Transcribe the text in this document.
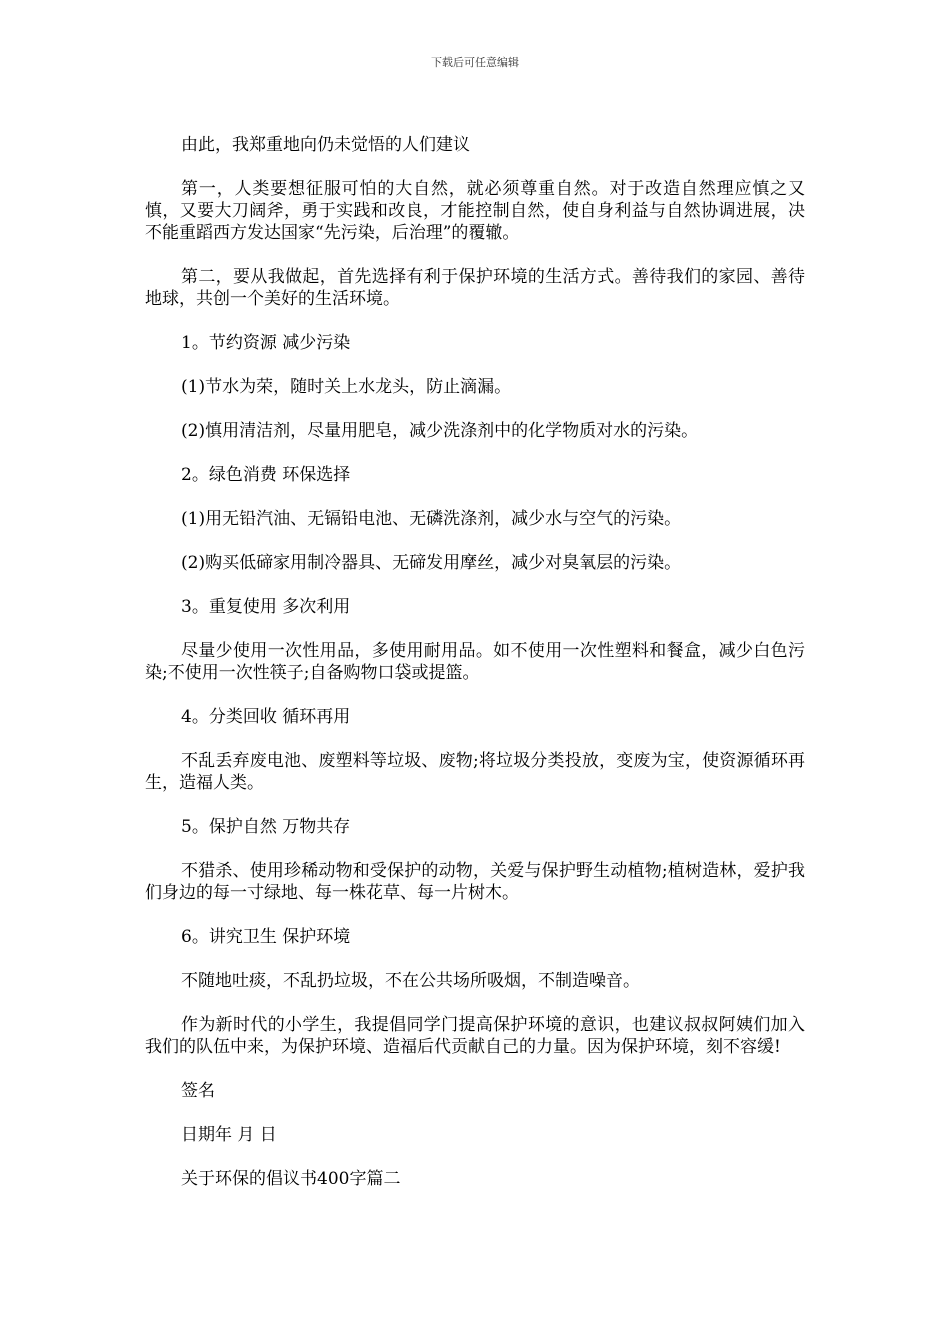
下载后可任意编辑

由此，我郑重地向仍未觉悟的人们建议

第一，人类要想征服可怕的大自然，就必须尊重自然。对于改造自然理应慎之又慎，又要大刀阔斧，勇于实践和改良，才能控制自然，使自身利益与自然协调进展，决不能重蹈西方发达国家“先污染，后治理”的覆辙。

第二，要从我做起，首先选择有利于保护环境的生活方式。善待我们的家园、善待地球，共创一个美好的生活环境。

1。节约资源 减少污染

(1)节水为荣，随时关上水龙头，防止滴漏。

(2)慎用清洁剂，尽量用肥皂，减少洗涤剂中的化学物质对水的污染。

2。绿色消费 环保选择

(1)用无铅汽油、无镉铅电池、无磷洗涤剂，减少水与空气的污染。

(2)购买低碲家用制冷器具、无碲发用摩丝，减少对臭氧层的污染。

3。重复使用 多次利用

尽量少使用一次性用品，多使用耐用品。如不使用一次性塑料和餐盒，减少白色污染;不使用一次性筷子;自备购物口袋或提篮。

4。分类回收 循环再用

不乱丢弃废电池、废塑料等垃圾、废物;将垃圾分类投放，变废为宝，使资源循环再生，造福人类。

5。保护自然 万物共存

不猎杀、使用珍稀动物和受保护的动物，关爱与保护野生动植物;植树造林，爱护我们身边的每一寸绿地、每一株花草、每一片树木。

6。讲究卫生 保护环境

不随地吐痰，不乱扔垃圾，不在公共场所吸烟，不制造噪音。

作为新时代的小学生，我提倡同学门提高保护环境的意识，也建议叔叔阿姨们加入我们的队伍中来，为保护环境、造福后代贡献自己的力量。因为保护环境，刻不容缓!

签名

日期年 月 日

关于环保的倡议书400字篇二
